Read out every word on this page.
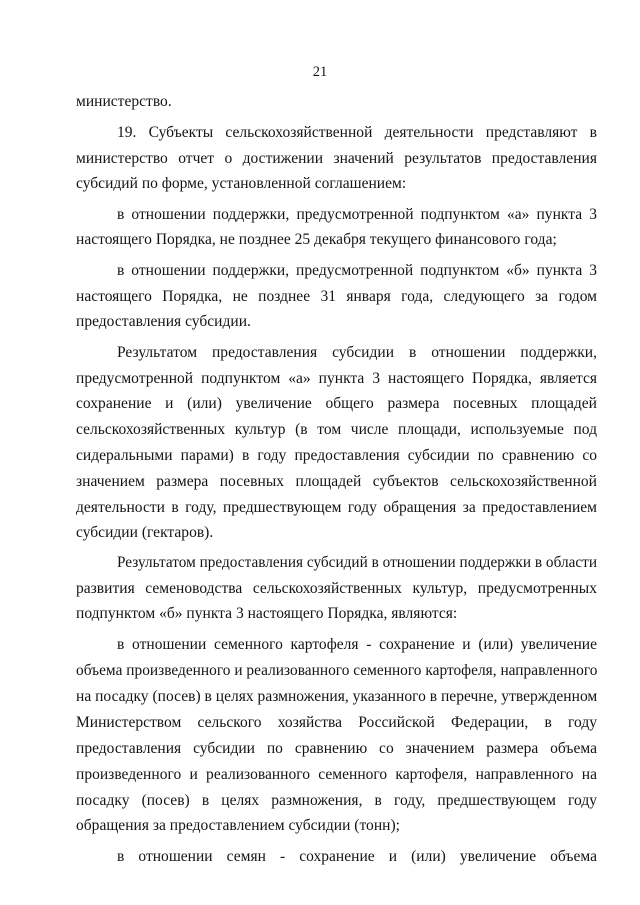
21
министерство.
19. Субъекты сельскохозяйственной деятельности представляют в
министерство отчет о достижении значений результатов предоставления
субсидий по форме, установленной соглашением:
в отношении поддержки, предусмотренной подпунктом «а» пункта 3
настоящего Порядка, не позднее 25 декабря текущего финансового года;
в отношении поддержки, предусмотренной подпунктом «б» пункта 3
настоящего Порядка, не позднее 31 января года, следующего за годом
предоставления субсидии.
Результатом предоставления субсидии в отношении поддержки,
предусмотренной подпунктом «а» пункта 3 настоящего Порядка, является
сохранение и (или) увеличение общего размера посевных площадей
сельскохозяйственных культур (в том числе площади, используемые под
сидеральными парами) в году предоставления субсидии по сравнению со
значением размера посевных площадей субъектов сельскохозяйственной
деятельности в году, предшествующем году обращения за предоставлением
субсидии (гектаров).
Результатом предоставления субсидий в отношении поддержки в области
развития семеноводства сельскохозяйственных культур, предусмотренных
подпунктом «б» пункта 3 настоящего Порядка, являются:
в отношении семенного картофеля - сохранение и (или) увеличение
объема произведенного и реализованного семенного картофеля, направленного
на посадку (посев) в целях размножения, указанного в перечне, утвержденном
Министерством сельского хозяйства Российской Федерации, в году
предоставления субсидии по сравнению со значением размера объема
произведенного и реализованного семенного картофеля, направленного на
посадку (посев) в целях размножения, в году, предшествующем году
обращения за предоставлением субсидии (тонн);
в отношении семян - сохранение и (или) увеличение объема
